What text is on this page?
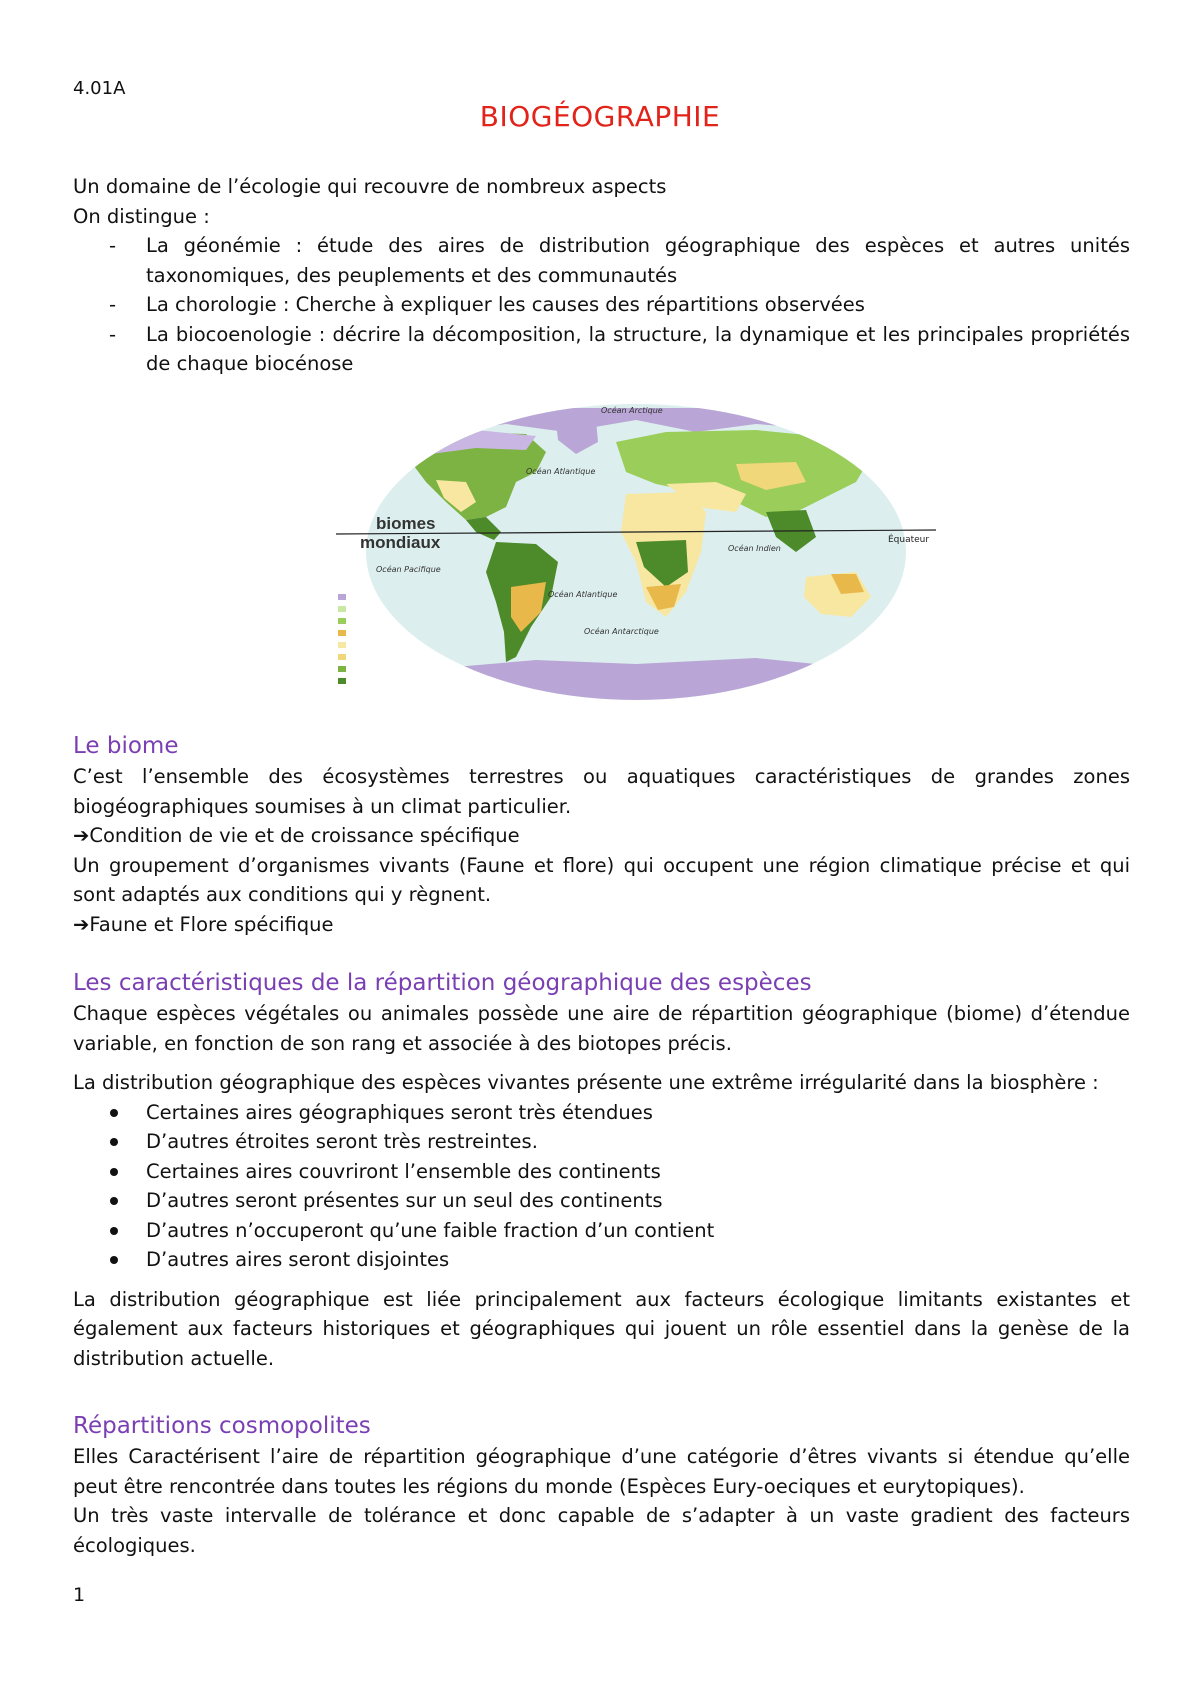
4.01A
BIOGÉOGRAPHIE

Un domaine de l’écologie qui recouvre de nombreux aspects

On distingue :

- La géonémie : étude des aires de distribution géographique des espèces et autres unités taxonomiques, des peuplements et des communautés
- La chorologie : Cherche à expliquer les causes des répartitions observées
- La biocoenologie : décrire la décomposition, la structure, la dynamique et les principales propriétés de chaque biocénose
Équateur
biomes
mondiaux
Océan Arctique
Océan Atlantique
Océan Pacifique
Océan Atlantique
Océan Indien
Océan Antarctique
Le biome

C’est l’ensemble des écosystèmes terrestres ou aquatiques caractéristiques de grandes zones biogéographiques soumises à un climat particulier.

➔Condition de vie et de croissance spécifique

Un groupement d’organismes vivants (Faune et flore) qui occupent une région climatique précise et qui sont adaptés aux conditions qui y règnent.

➔Faune et Flore spécifique

Les caractéristiques de la répartition géographique des espèces

Chaque espèces végétales ou animales possède une aire de répartition géographique (biome) d’étendue variable, en fonction de son rang et associée à des biotopes précis.

La distribution géographique des espèces vivantes présente une extrême irrégularité dans la biosphère :

Certaines aires géographiques seront très étendues
D’autres étroites seront très restreintes.
Certaines aires couvriront l’ensemble des continents
D’autres seront présentes sur un seul des continents
D’autres n’occuperont qu’une faible fraction d’un contient
D’autres aires seront disjointes

La distribution géographique est liée principalement aux facteurs écologique limitants existantes et également aux facteurs historiques et géographiques qui jouent un rôle essentiel dans la genèse de la distribution actuelle.

Répartitions cosmopolites

Elles Caractérisent l’aire de répartition géographique d’une catégorie d’êtres vivants si étendue qu’elle peut être rencontrée dans toutes les régions du monde (Espèces Eury-oeciques et eurytopiques).

Un très vaste intervalle de tolérance et donc capable de s’adapter à un vaste gradient des facteurs écologiques.

1
